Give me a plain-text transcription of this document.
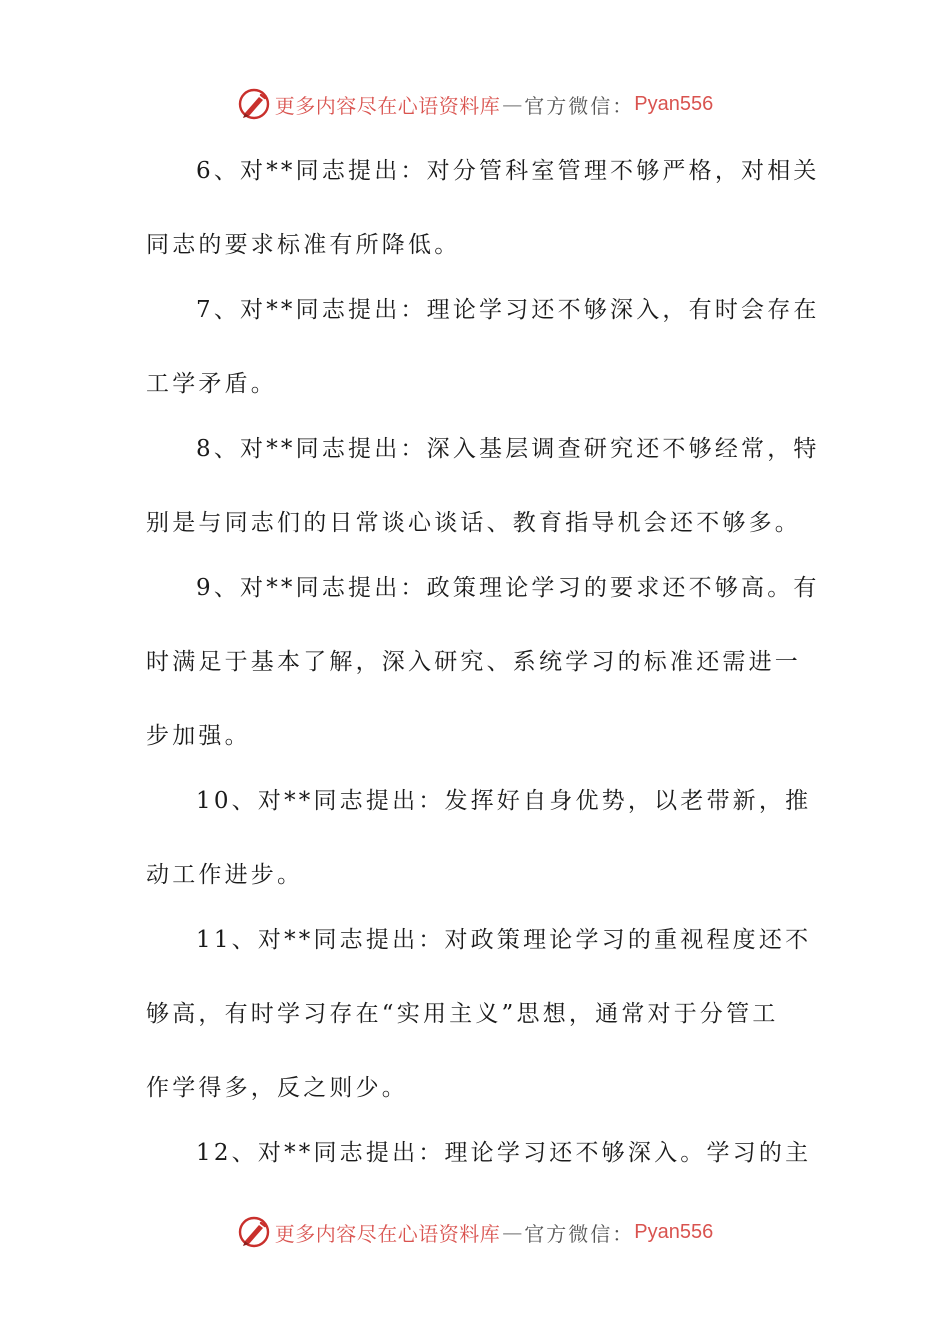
更多内容尽在心语资料库 — 官方微信： Pyan556
6、对**同志提出：对分管科室管理不够严格，对相关
同志的要求标准有所降低。
7、对**同志提出：理论学习还不够深入，有时会存在
工学矛盾。
8、对**同志提出：深入基层调查研究还不够经常，特
别是与同志们的日常谈心谈话、教育指导机会还不够多。
9、对**同志提出：政策理论学习的要求还不够高。有
时满足于基本了解，深入研究、系统学习的标准还需进一
步加强。
10、对**同志提出：发挥好自身优势，以老带新，推
动工作进步。
11、对**同志提出：对政策理论学习的重视程度还不
够高，有时学习存在“实用主义”思想，通常对于分管工
作学得多，反之则少。
12、对**同志提出：理论学习还不够深入。学习的主
更多内容尽在心语资料库 — 官方微信： Pyan556
